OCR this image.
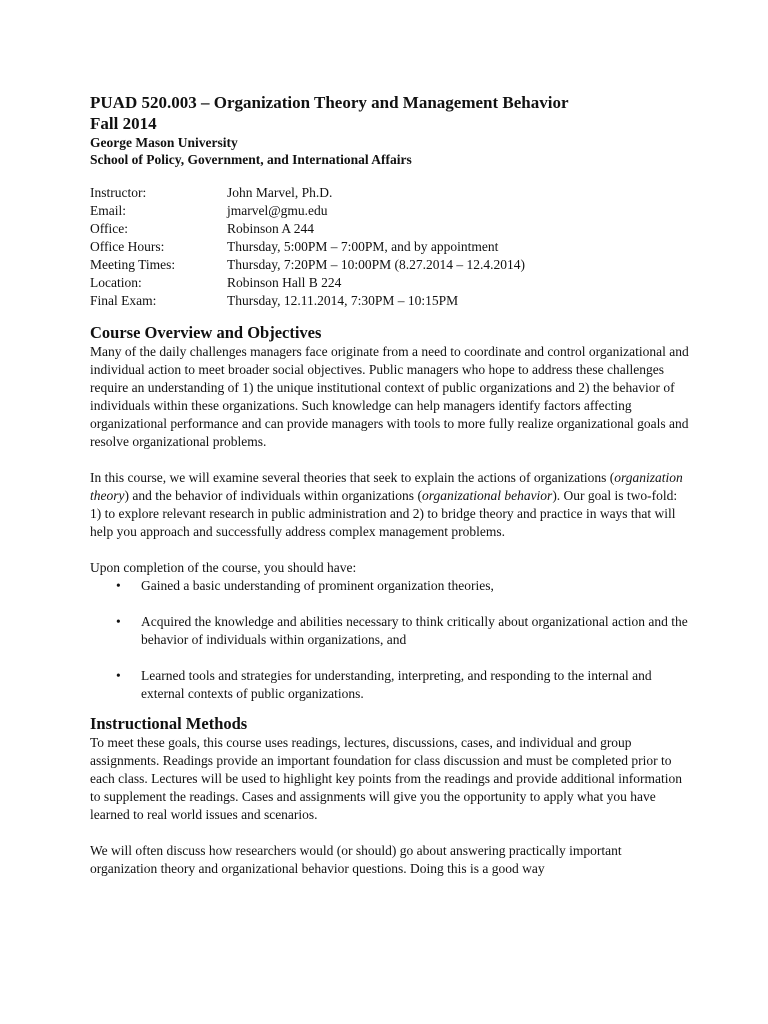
PUAD 520.003 – Organization Theory and Management Behavior
Fall 2014
George Mason University
School of Policy, Government, and International Affairs
Instructor:	John Marvel, Ph.D.
Email:	jmarvel@gmu.edu
Office:	Robinson A 244
Office Hours:	Thursday, 5:00PM – 7:00PM, and by appointment
Meeting Times:	Thursday, 7:20PM – 10:00PM (8.27.2014 – 12.4.2014)
Location:	Robinson Hall B 224
Final Exam:	Thursday, 12.11.2014, 7:30PM – 10:15PM
Course Overview and Objectives

Many of the daily challenges managers face originate from a need to coordinate and control organizational and individual action to meet broader social objectives. Public managers who hope to address these challenges require an understanding of 1) the unique institutional context of public organizations and 2) the behavior of individuals within these organizations. Such knowledge can help managers identify factors affecting organizational performance and can provide managers with tools to more fully realize organizational goals and resolve organizational problems.

In this course, we will examine several theories that seek to explain the actions of organizations (organization theory) and the behavior of individuals within organizations (organizational behavior). Our goal is two-fold: 1) to explore relevant research in public administration and 2) to bridge theory and practice in ways that will help you approach and successfully address complex management problems.

Upon completion of the course, you should have:

• Gained a basic understanding of prominent organization theories,
• Acquired the knowledge and abilities necessary to think critically about organizational action and the behavior of individuals within organizations, and
• Learned tools and strategies for understanding, interpreting, and responding to the internal and external contexts of public organizations.
Instructional Methods

To meet these goals, this course uses readings, lectures, discussions, cases, and individual and group assignments. Readings provide an important foundation for class discussion and must be completed prior to each class. Lectures will be used to highlight key points from the readings and provide additional information to supplement the readings. Cases and assignments will give you the opportunity to apply what you have learned to real world issues and scenarios.

We will often discuss how researchers would (or should) go about answering practically important organization theory and organizational behavior questions. Doing this is a good way
